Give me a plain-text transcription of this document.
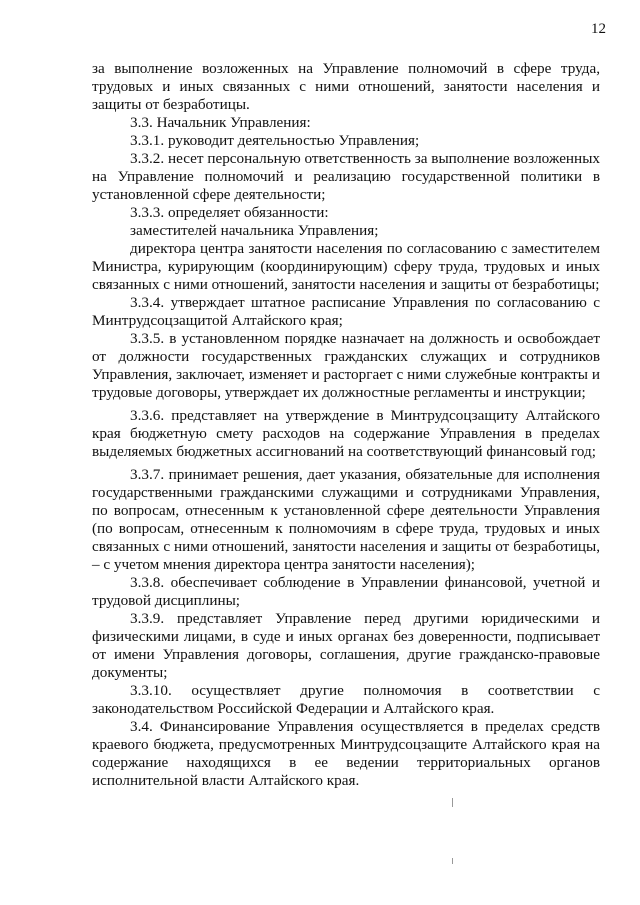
12

за выполнение возложенных на Управление полномочий в сфере труда, трудовых и иных связанных с ними отношений, занятости населения и защиты от безработицы.

3.3. Начальник Управления:

3.3.1. руководит деятельностью Управления;

3.3.2. несет персональную ответственность за выполнение возложенных на Управление полномочий и реализацию государственной политики в установленной сфере деятельности;

3.3.3. определяет обязанности:

заместителей начальника Управления;

директора центра занятости населения по согласованию с заместителем Министра, курирующим (координирующим) сферу труда, трудовых и иных связанных с ними отношений, занятости населения и защиты от безработицы;

3.3.4. утверждает штатное расписание Управления по согласованию с Минтрудсоцзащитой Алтайского края;

3.3.5. в установленном порядке назначает на должность и освобождает от должности государственных гражданских служащих и сотрудников Управления, заключает, изменяет и расторгает с ними служебные контракты и трудовые договоры, утверждает их должностные регламенты и инструкции;

3.3.6. представляет на утверждение в Минтрудсоцзащиту Алтайского края бюджетную смету расходов на содержание Управления в пределах выделяемых бюджетных ассигнований на соответствующий финансовый год;

3.3.7. принимает решения, дает указания, обязательные для исполнения государственными гражданскими служащими и сотрудниками Управления, по вопросам, отнесенным к установленной сфере деятельности Управления (по вопросам, отнесенным к полномочиям в сфере труда, трудовых и иных связанных с ними отношений, занятости населения и защиты от безработицы, – с учетом мнения директора центра занятости населения);

3.3.8. обеспечивает соблюдение в Управлении финансовой, учетной и трудовой дисциплины;

3.3.9. представляет Управление перед другими юридическими и физическими лицами, в суде и иных органах без доверенности, подписывает от имени Управления договоры, соглашения, другие гражданско-правовые документы;

3.3.10. осуществляет другие полномочия в соответствии с законодательством Российской Федерации и Алтайского края.

3.4. Финансирование Управления осуществляется в пределах средств краевого бюджета, предусмотренных Минтрудсоцзащите Алтайского края на содержание находящихся в ее ведении территориальных органов исполнительной власти Алтайского края.
